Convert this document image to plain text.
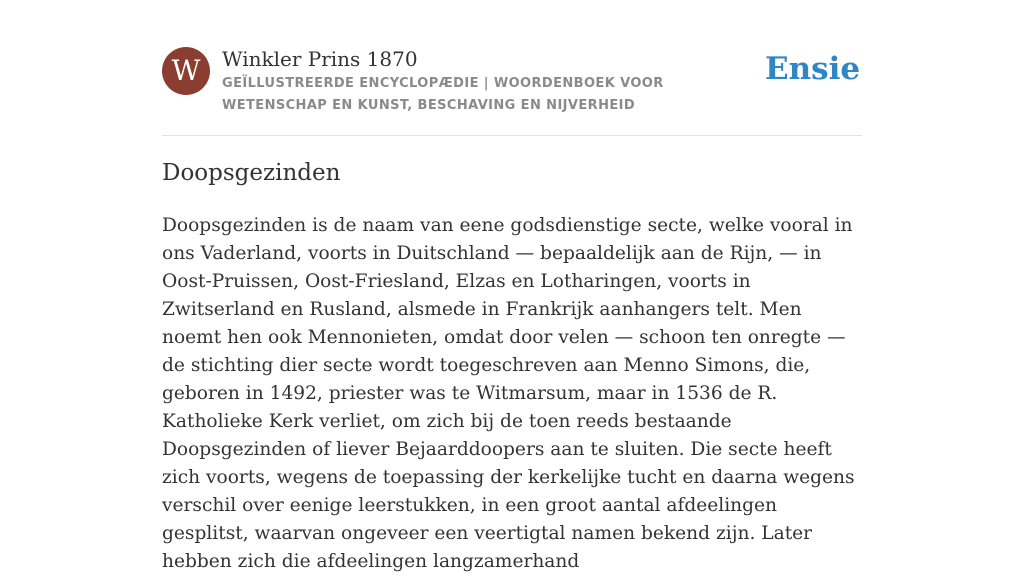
W	Winkler Prins 1870
GEÏLLUSTREERDE ENCYCLOPÆDIE | WOORDENBOEK VOOR WETENSCHAP EN KUNST, BESCHAVING EN NIJVERHEID
Ensie
Doopsgezinden

Doopsgezinden is de naam van eene godsdienstige secte, welke vooral in ons Vaderland, voorts in Duitschland — bepaaldelijk aan de Rijn, — in Oost-Pruissen, Oost-Friesland, Elzas en Lotharingen, voorts in Zwitserland en Rusland, alsmede in Frankrijk aanhangers telt. Men noemt hen ook Mennonieten, omdat door velen — schoon ten onregte — de stichting dier secte wordt toegeschreven aan Menno Simons, die, geboren in 1492, priester was te Witmarsum, maar in 1536 de R. Katholieke Kerk verliet, om zich bij de toen reeds bestaande Doopsgezinden of liever Bejaarddoopers aan te sluiten. Die secte heeft zich voorts, wegens de toepassing der kerkelijke tucht en daarna wegens verschil over eenige leerstukken, in een groot aantal afdeelingen gesplitst, waarvan ongeveer een veertigtal namen bekend zijn. Later hebben zich die afdeelingen langzamerhand
